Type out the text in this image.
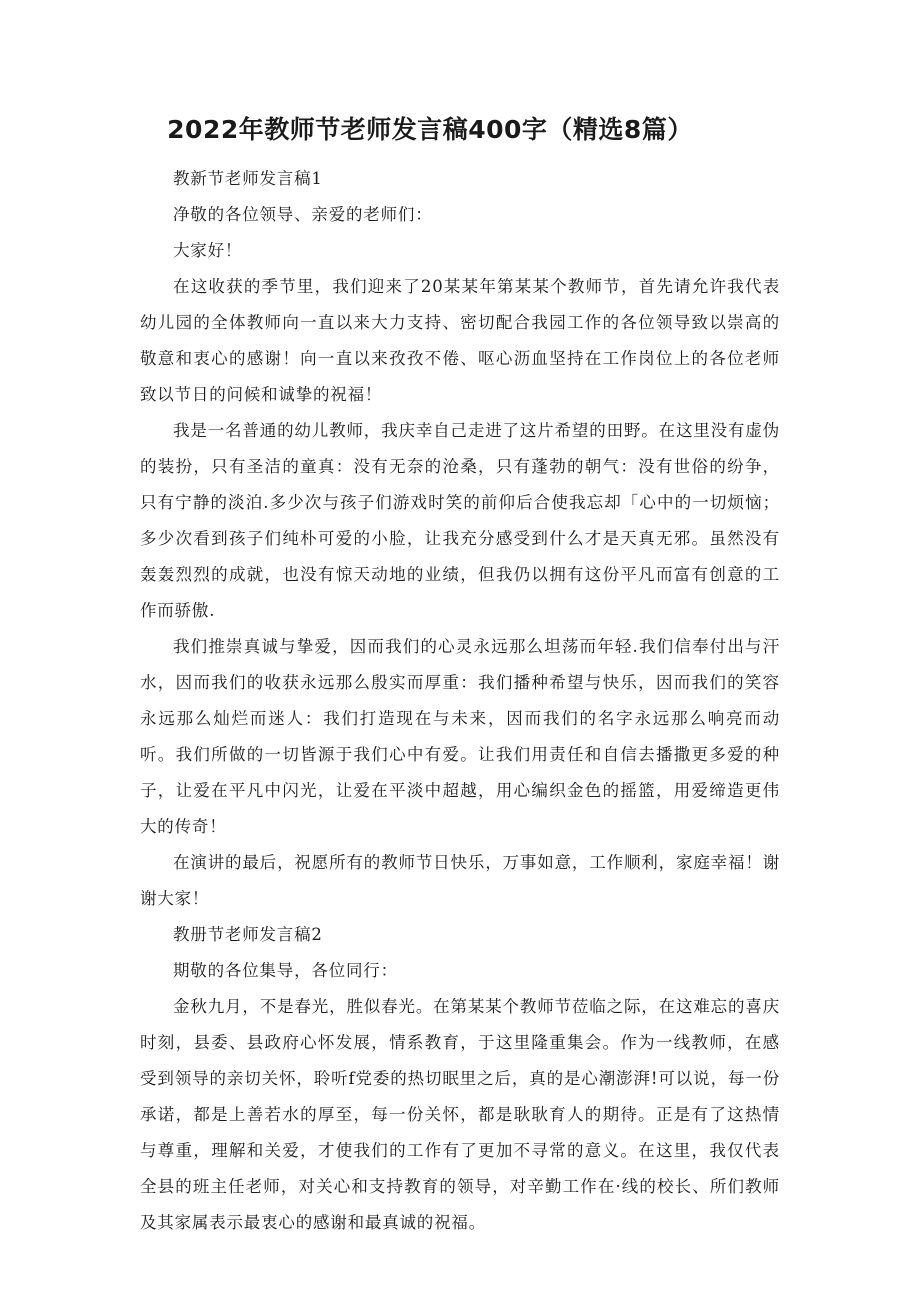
2022年教师节老师发言稿400字（精选8篇）

教新节老师发言稿1

净敬的各位领导、亲爱的老师们：

大家好！

在这收获的季节里，我们迎来了20某某年第某某个教师节，首先请允许我代表幼儿园的全体教师向一直以来大力支持、密切配合我园工作的各位领导致以崇高的敬意和衷心的感谢！向一直以来孜孜不倦、呕心沥血坚持在工作岗位上的各位老师致以节日的问候和诚挚的祝福！

我是一名普通的幼儿教师，我庆幸自己走进了这片希望的田野。在这里没有虚伪的装扮，只有圣洁的童真：没有无奈的沧桑，只有蓬勃的朝气：没有世俗的纷争，只有宁静的淡泊.多少次与孩子们游戏时笑的前仰后合使我忘却「心中的一切烦恼；多少次看到孩子们纯朴可爱的小脸，让我充分感受到什么才是天真无邪。虽然没有轰轰烈烈的成就，也没有惊天动地的业绩，但我仍以拥有这份平凡而富有创意的工作而骄傲.

我们推崇真诚与挚爱，因而我们的心灵永远那么坦荡而年轻.我们信奉付出与汗水，因而我们的收获永远那么殷实而厚重：我们播种希望与快乐，因而我们的笑容永远那么灿烂而迷人：我们打造现在与未来，因而我们的名字永远那么响亮而动听。我们所做的一切皆源于我们心中有爱。让我们用责任和自信去播撒更多爱的种子，让爱在平凡中闪光，让爱在平淡中超越，用心编织金色的摇篮，用爱缔造更伟大的传奇！

在演讲的最后，祝愿所有的教师节日快乐，万事如意，工作顺利，家庭幸福！谢谢大家！

教册节老师发言稿2

期敬的各位集导，各位同行：

金秋九月，不是春光，胜似春光。在第某某个教师节莅临之际，在这难忘的喜庆时刻，县委、县政府心怀发展，情系教育，于这里隆重集会。作为一线教师，在感受到领导的亲切关怀，聆听f党委的热切眠里之后，真的是心潮澎湃!可以说，每一份承诺，都是上善若水的厚至，每一份关怀，都是耿耿育人的期待。正是有了这热情与尊重，理解和关爱，才使我们的工作有了更加不寻常的意义。在这里，我仅代表全县的班主任老师，对关心和支持教育的领导，对辛勤工作在·线的校长、所们教师及其家属表示最衷心的感谢和最真诚的祝福。
